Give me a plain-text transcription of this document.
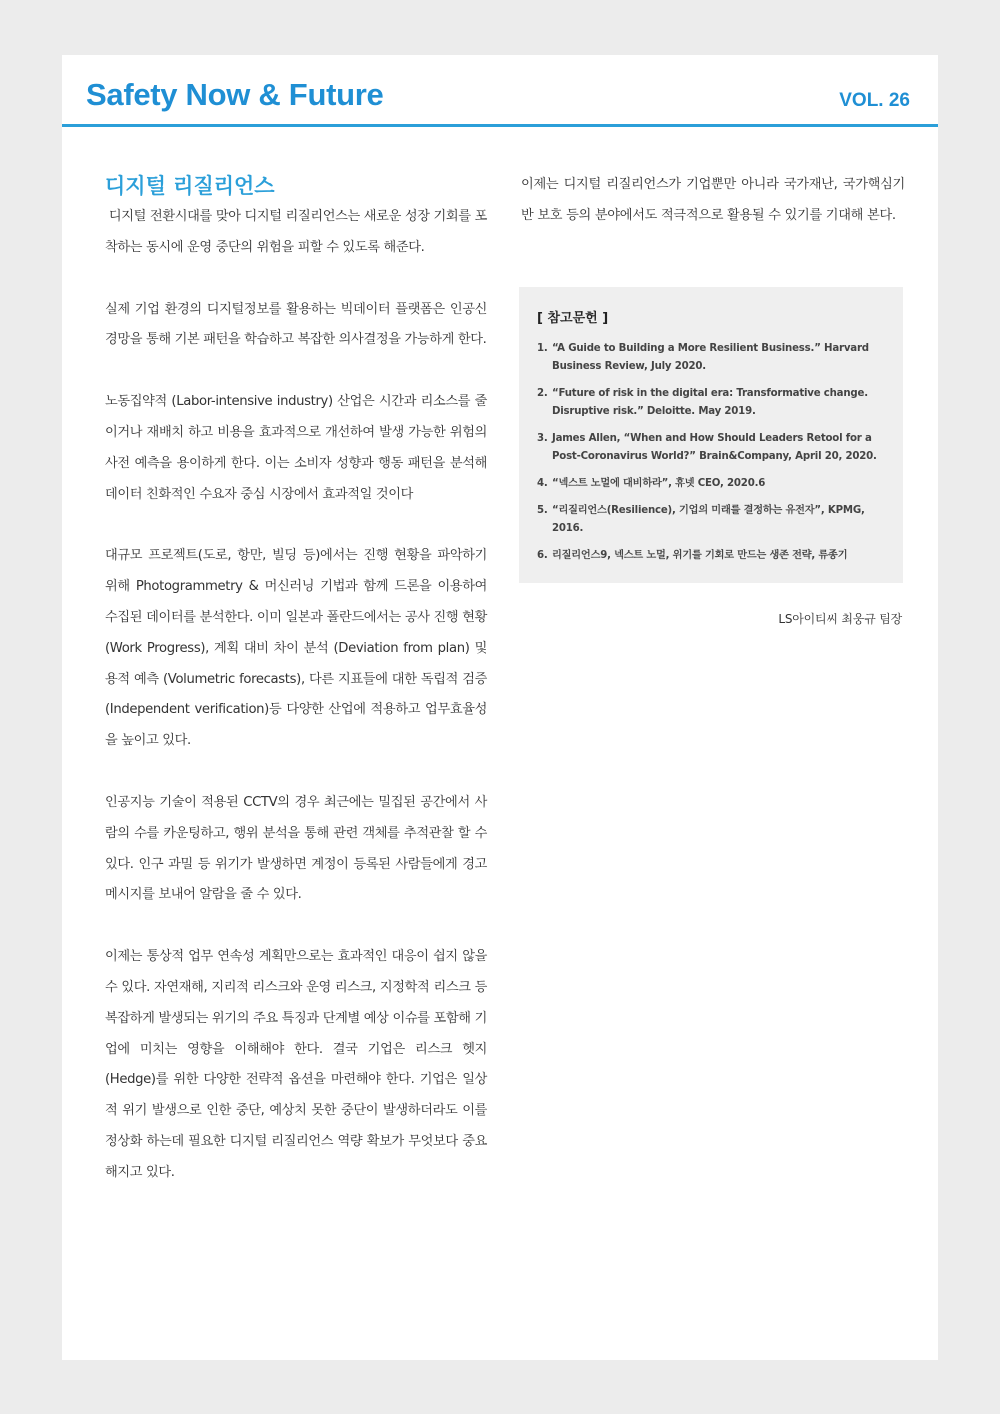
Safety Now & Future	VOL. 26
디지털 리질리언스

디지털 전환시대를 맞아 디지털 리질리언스는 새로운 성장 기회를 포착하는 동시에 운영 중단의 위험을 피할 수 있도록 해준다.

실제 기업 환경의 디지털정보를 활용하는 빅데이터 플랫폼은 인공신경망을 통해 기본 패턴을 학습하고 복잡한 의사결정을 가능하게 한다.

노동집약적 (Labor-intensive industry) 산업은 시간과 리소스를 줄이거나 재배치 하고 비용을 효과적으로 개선하여 발생 가능한 위험의 사전 예측을 용이하게 한다. 이는 소비자 성향과 행동 패턴을 분석해 데이터 친화적인 수요자 중심 시장에서 효과적일 것이다

대규모 프로젝트(도로, 항만, 빌딩 등)에서는 진행 현황을 파악하기 위해 Photogrammetry & 머신러닝 기법과 함께 드론을 이용하여 수집된 데이터를 분석한다. 이미 일본과 폴란드에서는 공사 진행 현황 (Work Progress), 계획 대비 차이 분석 (Deviation from plan) 및 용적 예측 (Volumetric forecasts), 다른 지표들에 대한 독립적 검증 (Independent verification)등 다양한 산업에 적용하고 업무효율성을 높이고 있다.

인공지능 기술이 적용된 CCTV의 경우 최근에는 밀집된 공간에서 사람의 수를 카운팅하고, 행위 분석을 통해 관련 객체를 추적관찰 할 수 있다. 인구 과밀 등 위기가 발생하면 계정이 등록된 사람들에게 경고 메시지를 보내어 알람을 줄 수 있다.

이제는 통상적 업무 연속성 계획만으로는 효과적인 대응이 쉽지 않을 수 있다. 자연재해, 지리적 리스크와 운영 리스크, 지정학적 리스크 등 복잡하게 발생되는 위기의 주요 특징과 단계별 예상 이슈를 포함해 기업에 미치는 영향을 이해해야 한다. 결국 기업은 리스크 헷지(Hedge)를 위한 다양한 전략적 옵션을 마련해야 한다. 기업은 일상적 위기 발생으로 인한 중단, 예상치 못한 중단이 발생하더라도 이를 정상화 하는데 필요한 디지털 리질리언스 역량 확보가 무엇보다 중요해지고 있다.

이제는 디지털 리질리언스가 기업뿐만 아니라 국가재난, 국가핵심기반 보호 등의 분야에서도 적극적으로 활용될 수 있기를 기대해 본다.

[ 참고문헌 ]
1. “A Guide to Building a More Resilient Business.” Harvard Business Review, July 2020.
2. “Future of risk in the digital era: Transformative change. Disruptive risk.” Deloitte. May 2019.
3. James Allen, “When and How Should Leaders Retool for a Post-Coronavirus World?” Brain&Company, April 20, 2020.
4. “넥스트 노멀에 대비하라”, 휴넷 CEO, 2020.6
5. “리질리언스(Resilience), 기업의 미래를 결정하는 유전자”, KPMG, 2016.
6. 리질리언스9, 넥스트 노멀, 위기를 기회로 만드는 생존 전략, 류종기
LS아이티씨 최웅규 팀장
